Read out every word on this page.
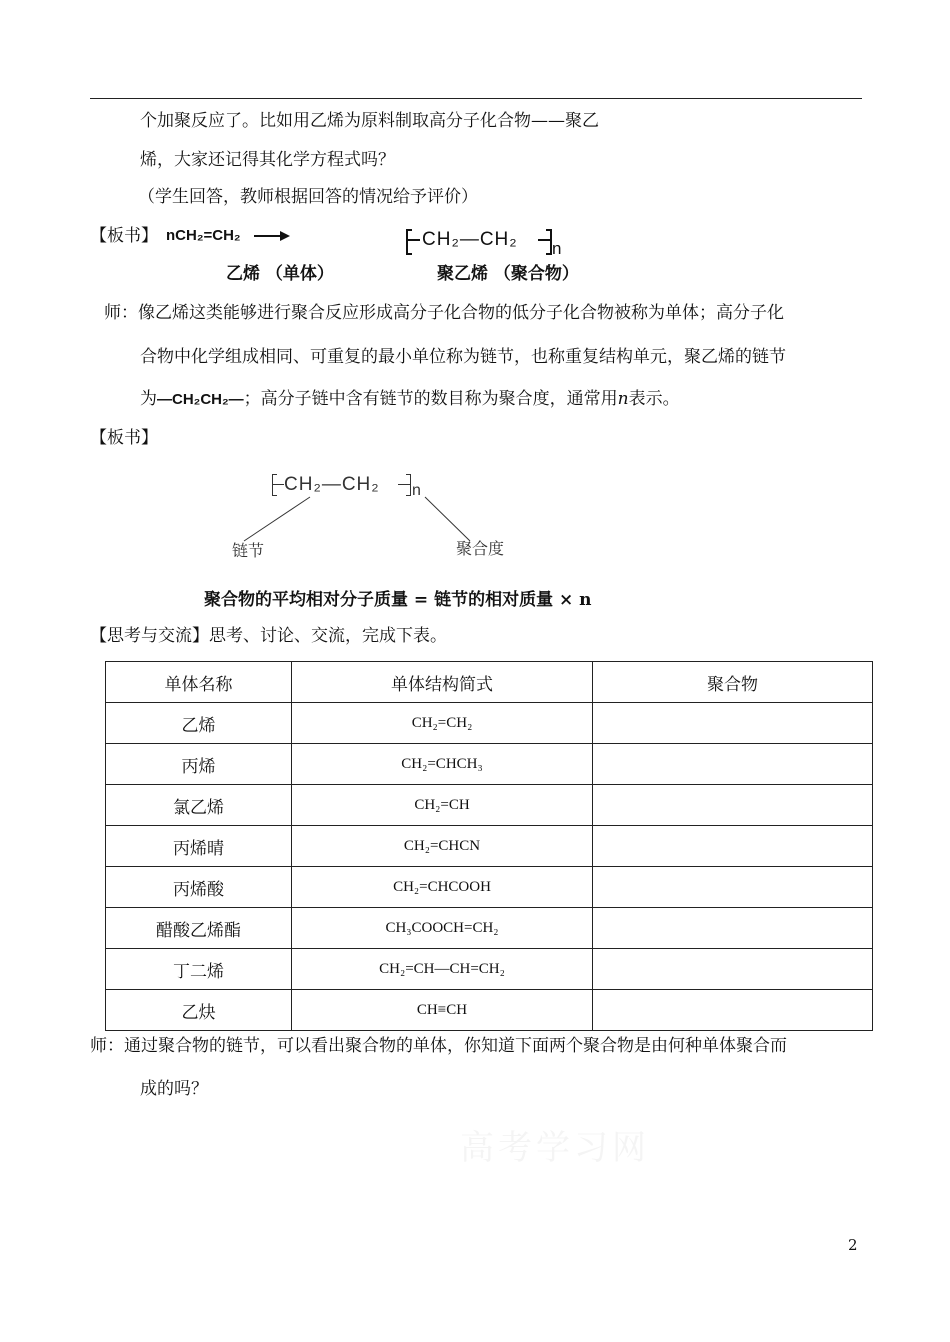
个加聚反应了。比如用乙烯为原料制取高分子化合物——聚乙
烯，大家还记得其化学方程式吗？
（学生回答，教师根据回答的情况给予评价）
【板书】 nCH₂=CH₂ →	CH₂—CH₂ n
乙烯 （单体）	聚乙烯 （聚合物）
师：像乙烯这类能够进行聚合反应形成高分子化合物的低分子化合物被称为单体；高分子化
合物中化学组成相同、可重复的最小单位称为链节，也称重复结构单元，聚乙烯的链节
为—CH₂CH₂—；高分子链中含有链节的数目称为聚合度，通常用n表示。
【板书】
CH₂—CH₂ n
链节	聚合度
聚合物的平均相对分子质量 = 链节的相对质量 × n
【思考与交流】思考、讨论、交流，完成下表。
单体名称	单体结构简式	聚合物
乙烯	CH₂=CH₂	
丙烯	CH₂=CHCH₃	
氯乙烯	CH₂=CH	
丙烯晴	CH₂=CHCN	
丙烯酸	CH₂=CHCOOH	
醋酸乙烯酯	CH₃COOCH=CH₂	
丁二烯	CH₂=CH—CH=CH₂	
乙炔	CH≡CH	
师：通过聚合物的链节，可以看出聚合物的单体，你知道下面两个聚合物是由何种单体聚合而
成的吗？
高考学习网
2
